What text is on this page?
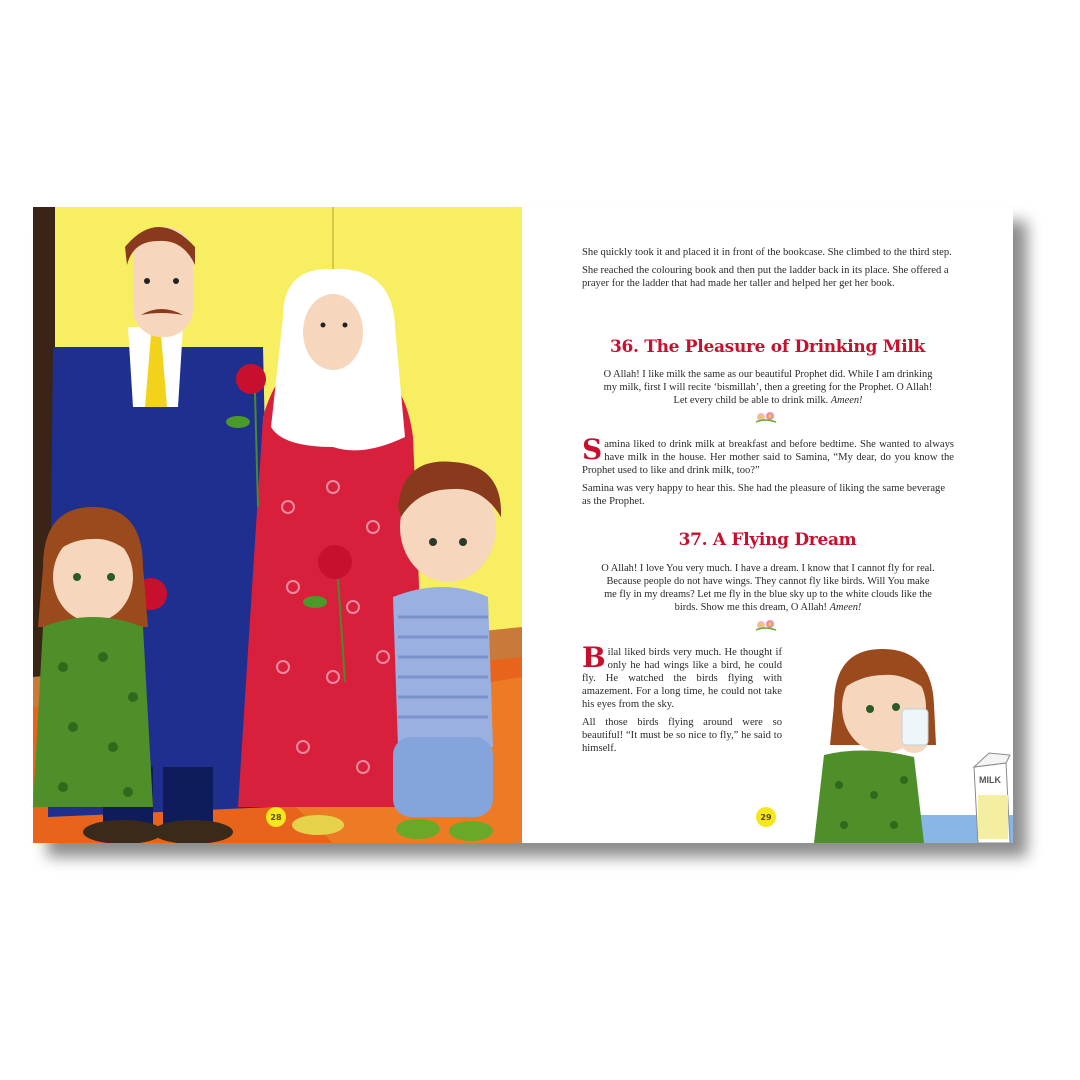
28

She quickly took it and placed it in front of the bookcase. She climbed to the third step.

She reached the colouring book and then put the ladder back in its place. She offered a prayer for the ladder that had made her taller and helped her get her book.

36. The Pleasure of Drinking Milk
O Allah! I like milk the same as our beautiful Prophet did. While I am drinking my milk, first I will recite ‘bismillah’, then a greeting for the Prophet. O Allah! Let every child be able to drink milk. Ameen!

Samina liked to drink milk at breakfast and before bedtime. She wanted to always have milk in the house. Her mother said to Samina, “My dear, do you know the Prophet used to like and drink milk, too?”

Samina was very happy to hear this. She had the pleasure of liking the same beverage as the Prophet.

37. A Flying Dream
O Allah! I love You very much. I have a dream. I know that I cannot fly for real. Because people do not have wings. They cannot fly like birds. Will You make me fly in my dreams? Let me fly in the blue sky up to the white clouds like the birds. Show me this dream, O Allah! Ameen!

Bilal liked birds very much. He thought if only he had wings like a bird, he could fly. He watched the birds flying with amazement. For a long time, he could not take his eyes from the sky.

All those birds flying around were so beautiful! “It must be so nice to fly,” he said to himself.

MILK
29
